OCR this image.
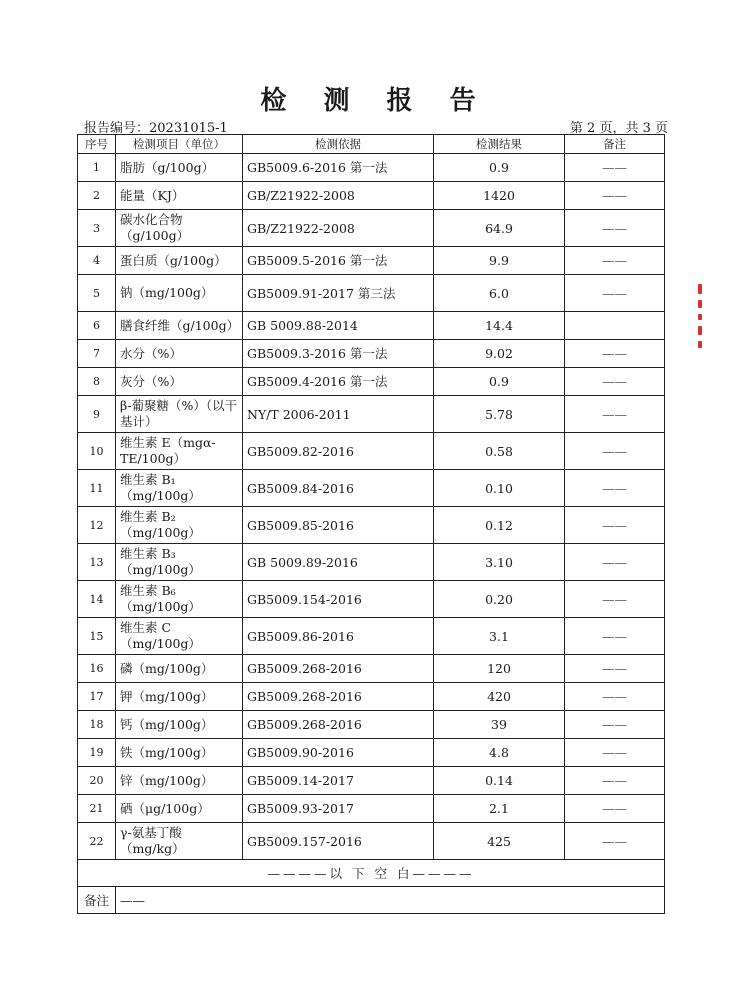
检 测 报 告
报告编号：20231015-1	第 2 页，共 3 页
序号	检测项目（单位）	检测依据	检测结果	备注
1	脂肪（g/100g）	GB5009.6-2016 第一法	0.9	——
2	能量（KJ）	GB/Z21922-2008	1420	——
3	碳水化合物（g/100g）	GB/Z21922-2008	64.9	——
4	蛋白质（g/100g）	GB5009.5-2016 第一法	9.9	——
5	钠（mg/100g）	GB5009.91-2017 第三法	6.0	——
6	膳食纤维（g/100g）	GB 5009.88-2014	14.4	
7	水分（%）	GB5009.3-2016 第一法	9.02	——
8	灰分（%）	GB5009.4-2016 第一法	0.9	——
9	β-葡聚糖（%）（以干基计）	NY/T 2006-2011	5.78	——
10	维生素 E（mgα-TE/100g）	GB5009.82-2016	0.58	——
11	维生素 B₁（mg/100g）	GB5009.84-2016	0.10	——
12	维生素 B₂（mg/100g）	GB5009.85-2016	0.12	——
13	维生素 B₃（mg/100g）	GB 5009.89-2016	3.10	——
14	维生素 B₆（mg/100g）	GB5009.154-2016	0.20	——
15	维生素 C（mg/100g）	GB5009.86-2016	3.1	——
16	磷（mg/100g）	GB5009.268-2016	120	——
17	钾（mg/100g）	GB5009.268-2016	420	——
18	钙（mg/100g）	GB5009.268-2016	39	——
19	铁（mg/100g）	GB5009.90-2016	4.8	——
20	锌（mg/100g）	GB5009.14-2017	0.14	——
21	硒（μg/100g）	GB5009.93-2017	2.1	——
22	γ-氨基丁酸（mg/kg）	GB5009.157-2016	425	——
————以 下 空 白————				
备注	——			
